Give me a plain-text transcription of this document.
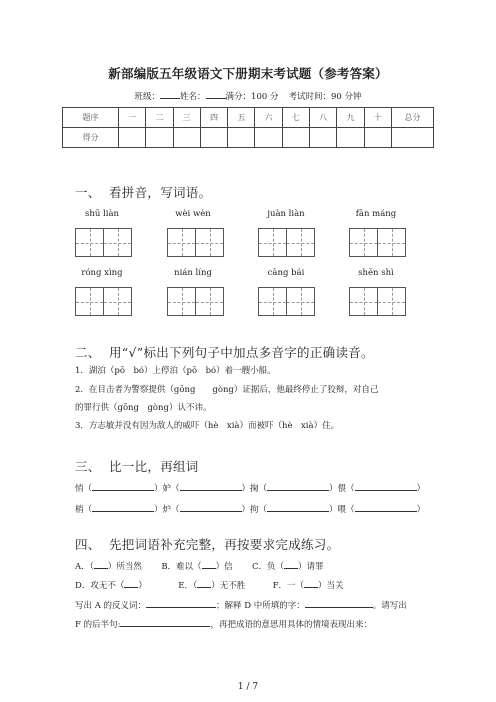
新部编版五年级语文下册期末考试题（参考答案）
班级： 姓名： 满分：100 分 考试时间：90 分钟
题序	一	二	三	四	五	六	七	八	九	十	总分
得分											
一、 看拼音，写词语。
shū liàn	wèi wèn	juàn liàn	fān máng
róng xìng	nián líng	cāng bái	shēn shì
二、 用“√”标出下列句子中加点多音字的正确读音。
1．湖泊（pō　bó）上停泊（pō　bó）着一艘小船。
2．在目击者为警察提供（gōng　　gòng）证据后，他最终停止了狡辩，对自己
的罪行供（gōng　gòng）认不讳。
3．方志敏并没有因为敌人的威吓（hè　xià）而被吓（hè　xià）住。
三、 比一比，再组词
悄（	）妒（	）掬（	）偎（	）
梢（	）炉（	）拘（	）喂（	）
四、 先把词语补充完整，再按要求完成练习。
A．（ ）所当然 B．难以（ ）信 C．负（ ）请罪
D．攻无不（ ）	E．（ ）无不胜	F．一（ ）当关
写出 A 的反义词：	；解释 D 中所填的字：	。请写出
F 的后半句:	，再把成语的意思用具体的情境表现出来：
1 / 7
